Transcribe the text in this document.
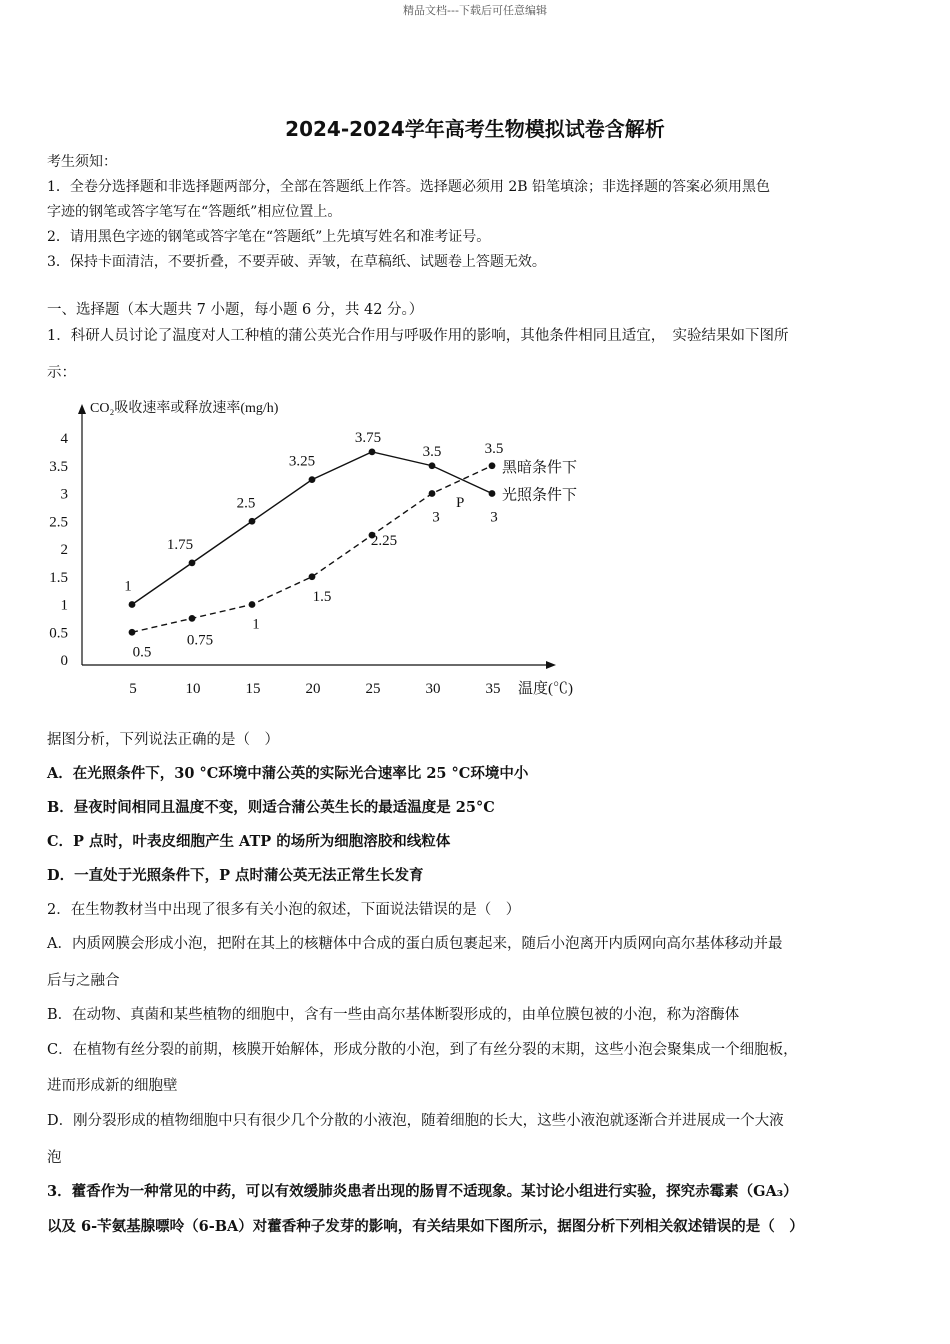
精品文档---下载后可任意编辑
2024-2024学年高考生物模拟试卷含解析
考生须知：
1．全卷分选择题和非选择题两部分，全部在答题纸上作答。选择题必须用 2B 铅笔填涂；非选择题的答案必须用黑色
字迹的钢笔或答字笔写在“答题纸”相应位置上。
2．请用黑色字迹的钢笔或答字笔在“答题纸”上先填写姓名和准考证号。
3．保持卡面清洁，不要折叠，不要弄破、弄皱，在草稿纸、试题卷上答题无效。
一、选择题（本大题共 7 小题，每小题 6 分，共 42 分。）
1．科研人员讨论了温度对人工种植的蒲公英光合作用与呼吸作用的影响，其他条件相同且适宜，　实验结果如下图所
示：
CO₂吸收速率或释放速率(mg/h)
温度(℃)
0
0.5
1
1.5
2
2.5
3
3.5
4
5	10	15	20	25	30	35
1
1.75
2.5
3.25
3.75
3.5
3
光照条件下
0.5
0.75
1
1.5
2.25
3
3.5
黑暗条件下
P
据图分析，下列说法正确的是（　）
A．在光照条件下，30 °C环境中蒲公英的实际光合速率比 25 °C环境中小
B．昼夜时间相同且温度不变，则适合蒲公英生长的最适温度是 25°C
C．P 点时，叶表皮细胞产生 ATP 的场所为细胞溶胶和线粒体
D．一直处于光照条件下，P 点时蒲公英无法正常生长发育
2．在生物教材当中出现了很多有关小泡的叙述，下面说法错误的是（　）
A．内质网膜会形成小泡，把附在其上的核糖体中合成的蛋白质包裹起来，随后小泡离开内质网向高尔基体移动并最
后与之融合
B．在动物、真菌和某些植物的细胞中，含有一些由高尔基体断裂形成的，由单位膜包被的小泡，称为溶酶体
C．在植物有丝分裂的前期，核膜开始解体，形成分散的小泡，到了有丝分裂的末期，这些小泡会聚集成一个细胞板，
进而形成新的细胞壁
D．刚分裂形成的植物细胞中只有很少几个分散的小液泡，随着细胞的长大，这些小液泡就逐渐合并进展成一个大液
泡
3．藿香作为一种常见的中药，可以有效缓肺炎患者出现的肠胃不适现象。某讨论小组进行实验，探究赤霉素（GA₃）
以及 6-苄氨基腺嘌呤（6-BA）对藿香种子发芽的影响，有关结果如下图所示，据图分析下列相关叙述错误的是（　）
